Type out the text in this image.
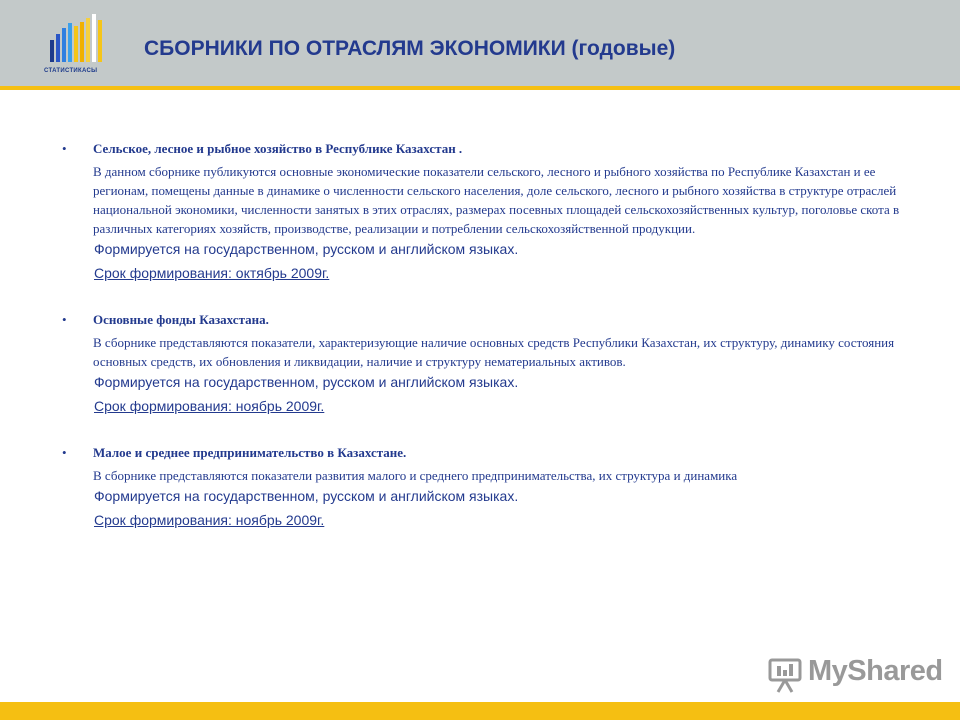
СТАТИСТИКАСЫ
СБОРНИКИ ПО ОТРАСЛЯМ ЭКОНОМИКИ (годовые)
• Сельское, лесное и рыбное хозяйство в Республике Казахстан .
В данном сборнике публикуются основные экономические показатели сельского, лесного и рыбного хозяйства по Республике Казахстан и ее регионам, помещены данные в динамике о численности сельского населения, доле сельского, лесного и рыбного хозяйства в структуре отраслей национальной экономики, численности занятых в этих отраслях, размерах посевных площадей сельскохозяйственных культур, поголовье скота в различных категориях хозяйств, производстве, реализации и потреблении сельскохозяйственной продукции.
Формируется на государственном, русском и английском языках.
Срок формирования: октябрь 2009г.
• Основные фонды Казахстана.
В сборнике представляются показатели, характеризующие наличие основных средств Республики Казахстан, их структуру, динамику состояния основных средств, их обновления и ликвидации, наличие и структуру нематериальных активов.
Формируется на государственном, русском и английском языках.
Срок формирования: ноябрь 2009г.
• Малое и среднее предпринимательство в Казахстане.
В сборнике представляются показатели развития малого и среднего предпринимательства, их структура и динамика
Формируется на государственном, русском и английском языках.
Срок формирования: ноябрь 2009г.
MyShared
